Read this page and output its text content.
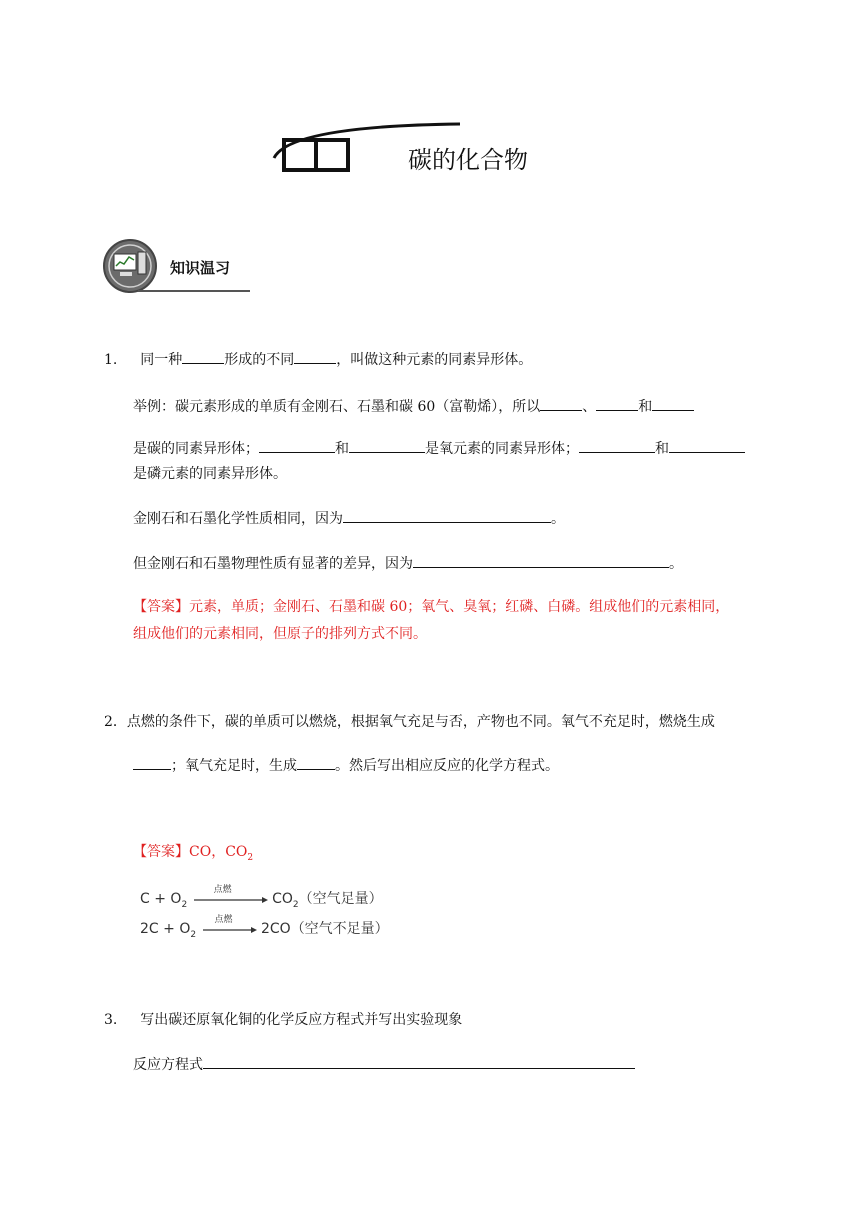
碳的化合物
知识温习
1. 同一种	形成的不同	，叫做这种元素的同素异形体。
举例：碳元素形成的单质有金刚石、石墨和碳 60（富勒烯），所以	、	和
是碳的同素异形体；	和	是氧元素的同素异形体；	和
是磷元素的同素异形体。
金刚石和石墨化学性质相同，因为	。
但金刚石和石墨物理性质有显著的差异，因为	。
【答案】元素，单质；金刚石、石墨和碳 60；氧气、臭氧；红磷、白磷。组成他们的元素相同，
组成他们的元素相同，但原子的排列方式不同。
2．点燃的条件下，碳的单质可以燃烧，根据氧气充足与否，产物也不同。氧气不充足时，燃烧生成
；氧气充足时，生成	。然后写出相应反应的化学方程式。
【答案】CO，$CO_2$
$C + O_2$
点燃
$CO_2$（空气足量）
$2C + O_2$
点燃
2CO（空气不足量）
3. 写出碳还原氧化铜的化学反应方程式并写出实验现象
反应方程式
